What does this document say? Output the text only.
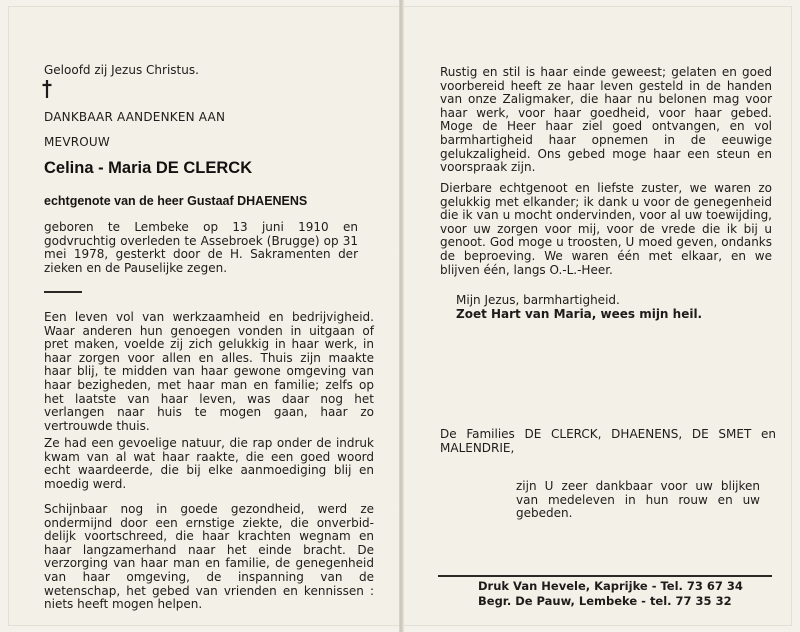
Geloofd zij Jezus Christus.

DANKBAAR AANDENKEN AAN

MEVROUW

Celina - Maria DE CLERCK

echtgenote van de heer Gustaaf DHAENENS

geboren te Lembeke op 13 juni 1910 en godvruchtig overleden te Assebroek (Brugge) op 31 mei 1978, gesterkt door de H. Sakramenten der zieken en de Pauselijke zegen.

Een leven vol van werkzaamheid en bedrijvigheid. Waar anderen hun genoegen vonden in uitgaan of pret maken, voelde zij zich gelukkig in haar werk, in haar zorgen voor allen en alles. Thuis zijn maakte haar blij, te midden van haar gewone omgeving van haar bezigheden, met haar man en familie; zelfs op het laatste van haar leven, was daar nog het verlangen naar huis te mogen gaan, haar zo vertrouwde thuis.

Ze had een gevoelige natuur, die rap onder de indruk kwam van al wat haar raakte, die een goed woord echt waardeerde, die bij elke aanmoediging blij en moedig werd.

Schijnbaar nog in goede gezondheid, werd ze ondermijnd door een ernstige ziekte, die onverbiddelijk voortschreed, die haar krachten wegnam en haar langzamerhand naar het einde bracht. De verzorging van haar man en familie, de genegenheid van haar omgeving, de inspanning van de wetenschap, het gebed van vrienden en kennissen : niets heeft mogen helpen.

Rustig en stil is haar einde geweest; gelaten en goed voorbereid heeft ze haar leven gesteld in de handen van onze Zaligmaker, die haar nu belonen mag voor haar werk, voor haar goedheid, voor haar gebed. Moge de Heer haar ziel goed ontvangen, en vol barmhartigheid haar opnemen in de eeuwige gelukzaligheid. Ons gebed moge haar een steun en voorspraak zijn.

Dierbare echtgenoot en liefste zuster, we waren zo gelukkig met elkander; ik dank u voor de genegenheid die ik van u mocht ondervinden, voor al uw toewijding, voor uw zorgen voor mij, voor de vrede die ik bij u genoot. God moge u troosten, U moed geven, ondanks de beproeving. We waren één met elkaar, en we blijven één, langs O.-L.-Heer.

Mijn Jezus, barmhartigheid.

Zoet Hart van Maria, wees mijn heil.

De Families DE CLERCK, DHAENENS, DE SMET en MALENDRIE,

zijn U zeer dankbaar voor uw blijken van medeleven in hun rouw en uw gebeden.

Druk Van Hevele, Kaprijke - Tel. 73 67 34

Begr. De Pauw, Lembeke - tel. 77 35 32
